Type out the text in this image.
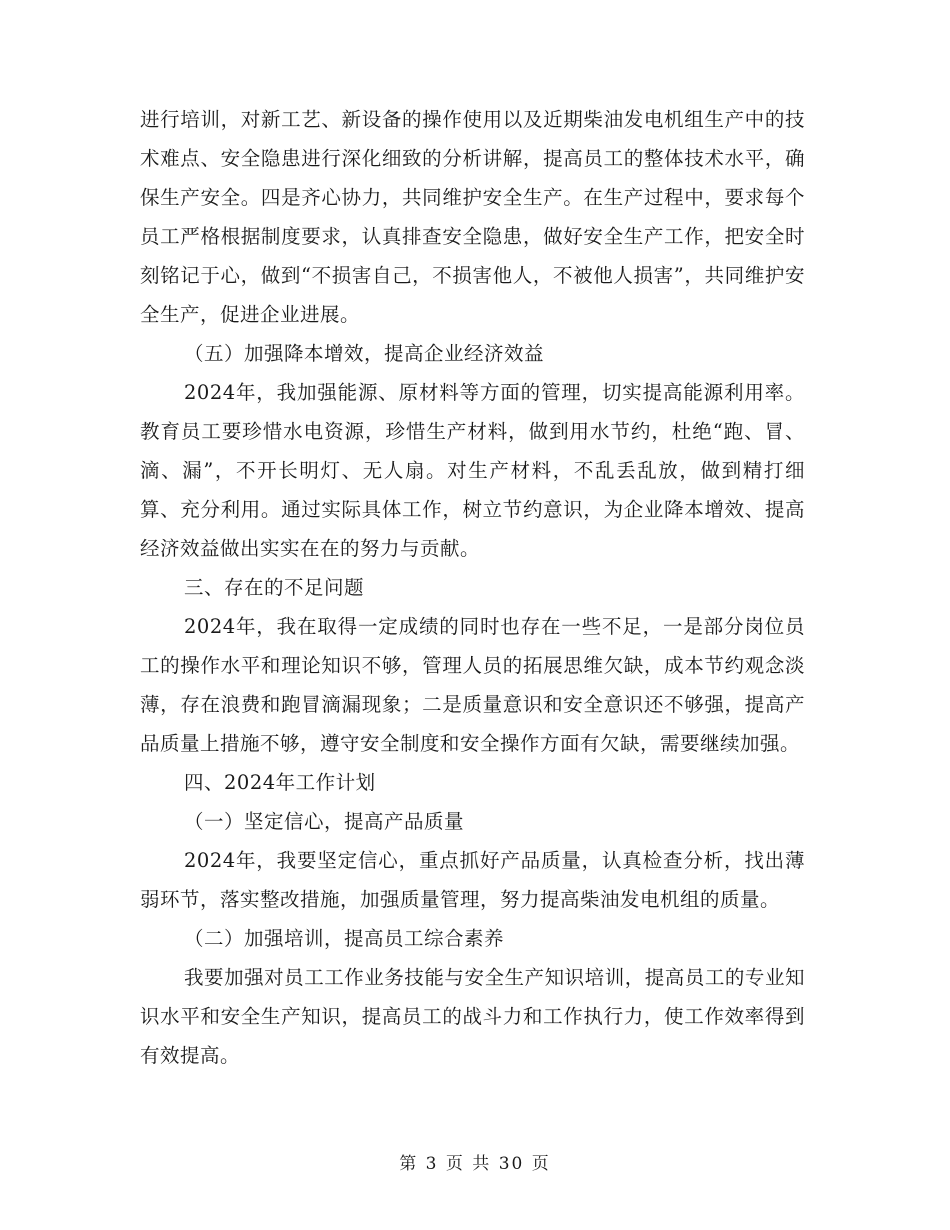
进行培训，对新工艺、新设备的操作使用以及近期柴油发电机组生产中的技术难点、安全隐患进行深化细致的分析讲解，提高员工的整体技术水平，确保生产安全。四是齐心协力，共同维护安全生产。在生产过程中，要求每个员工严格根据制度要求，认真排查安全隐患，做好安全生产工作，把安全时刻铭记于心，做到“不损害自己，不损害他人，不被他人损害”，共同维护安全生产，促进企业进展。

（五）加强降本增效，提高企业经济效益

2024年，我加强能源、原材料等方面的管理，切实提高能源利用率。教育员工要珍惜水电资源，珍惜生产材料，做到用水节约，杜绝“跑、冒、滴、漏”，不开长明灯、无人扇。对生产材料，不乱丢乱放，做到精打细算、充分利用。通过实际具体工作，树立节约意识，为企业降本增效、提高经济效益做出实实在在的努力与贡献。

三、存在的不足问题

2024年，我在取得一定成绩的同时也存在一些不足，一是部分岗位员工的操作水平和理论知识不够，管理人员的拓展思维欠缺，成本节约观念淡薄，存在浪费和跑冒滴漏现象；二是质量意识和安全意识还不够强，提高产品质量上措施不够，遵守安全制度和安全操作方面有欠缺，需要继续加强。

四、2024年工作计划

（一）坚定信心，提高产品质量

2024年，我要坚定信心，重点抓好产品质量，认真检查分析，找出薄弱环节，落实整改措施，加强质量管理，努力提高柴油发电机组的质量。

（二）加强培训，提高员工综合素养

我要加强对员工工作业务技能与安全生产知识培训，提高员工的专业知识水平和安全生产知识，提高员工的战斗力和工作执行力，使工作效率得到有效提高。

第 3 页 共 30 页
